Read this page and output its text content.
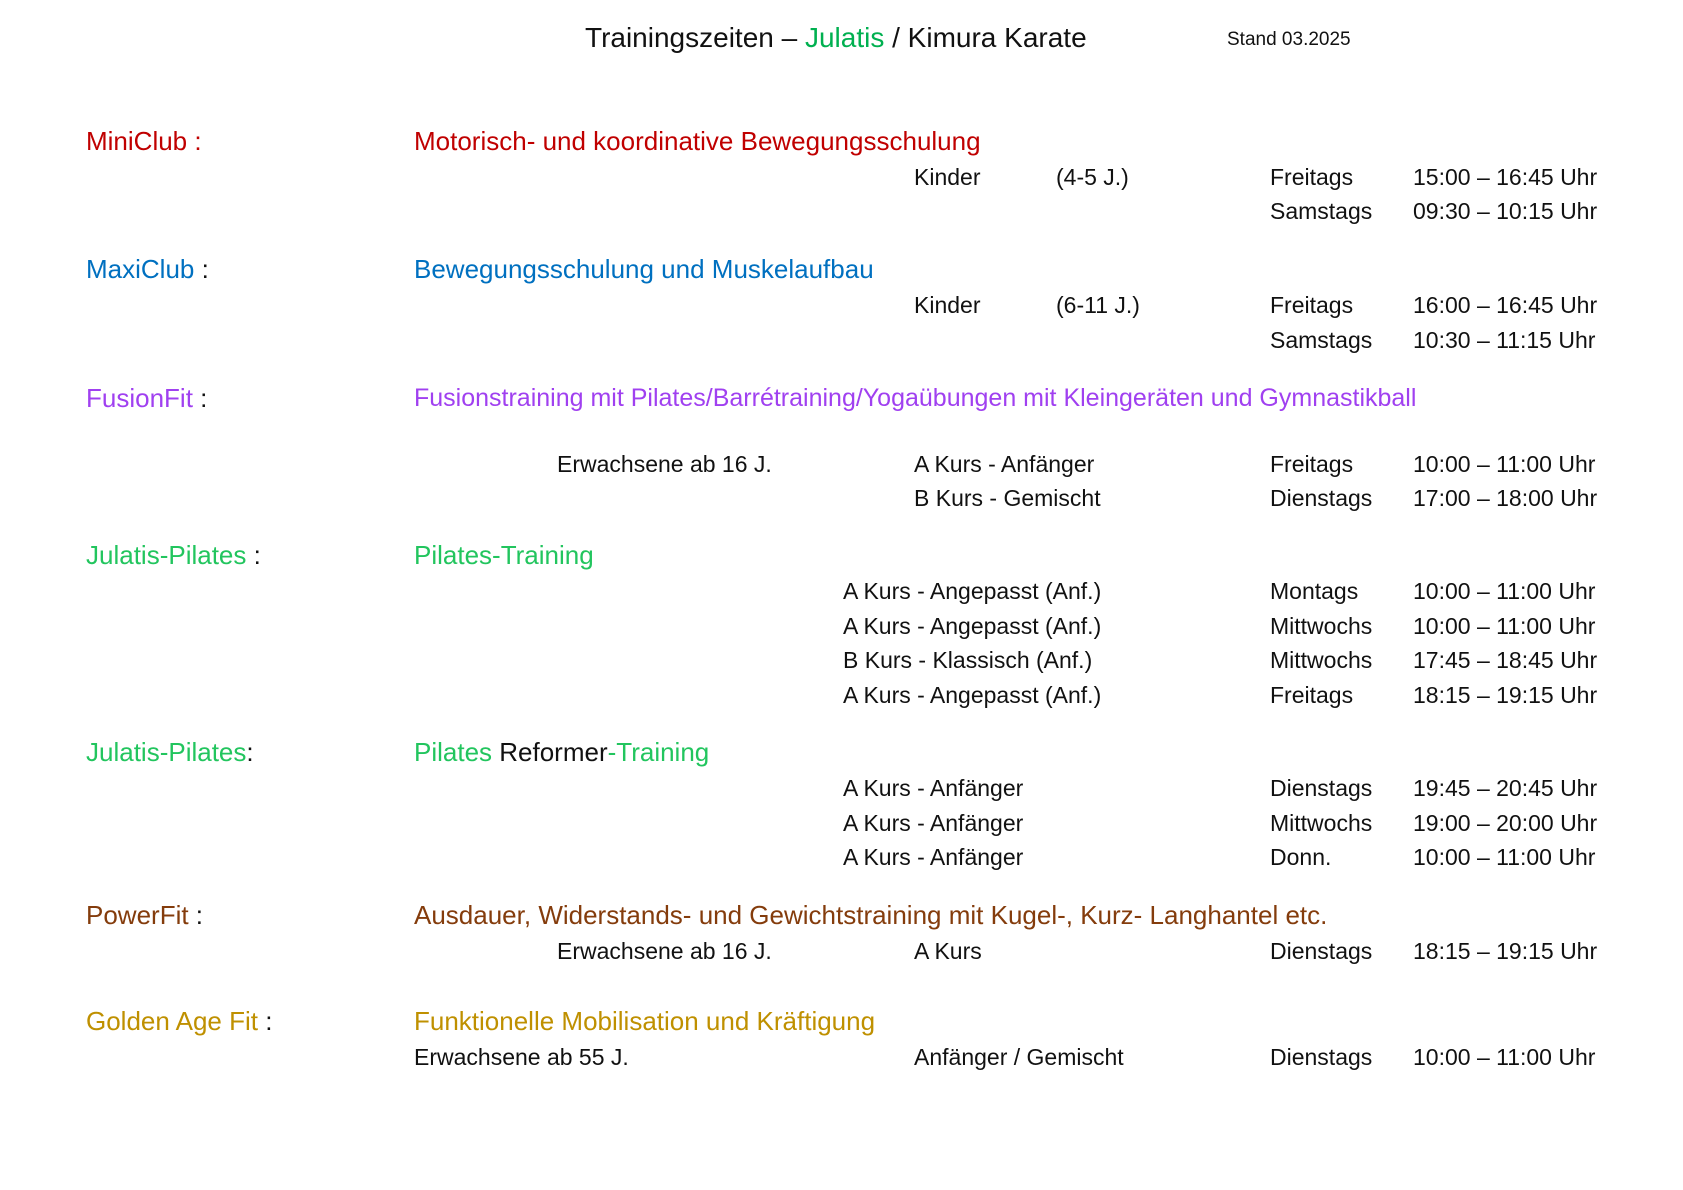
Trainingszeiten – Julatis / Kimura Karate	Stand 03.2025
MiniClub :	Motorisch- und koordinative Bewegungsschulung
Kinder	(4-5 J.)	Freitags	15:00 – 16:45 Uhr
Samstags 09:30 – 10:15 Uhr
MaxiClub :	Bewegungsschulung und Muskelaufbau
Kinder	(6-11 J.)	Freitags	16:00 – 16:45 Uhr
Samstags 10:30 – 11:15 Uhr
FusionFit :	Fusionstraining mit Pilates/Barrétraining/Yogaübungen mit Kleingeräten und Gymnastikball
Erwachsene ab 16 J.	A Kurs - Anfänger	Freitags	10:00 – 11:00 Uhr
B Kurs - Gemischt	Dienstags 17:00 – 18:00 Uhr
Julatis-Pilates :	Pilates-Training
A Kurs - Angepasst (Anf.)	Montags 10:00 – 11:00 Uhr
A Kurs - Angepasst (Anf.)	Mittwochs 10:00 – 11:00 Uhr
B Kurs - Klassisch (Anf.)	Mittwochs 17:45 – 18:45 Uhr
A Kurs - Angepasst (Anf.)	Freitags	18:15 – 19:15 Uhr
Julatis-Pilates:	Pilates Reformer-Training
A Kurs - Anfänger	Dienstags 19:45 – 20:45 Uhr
A Kurs - Anfänger	Mittwochs 19:00 – 20:00 Uhr
A Kurs - Anfänger	Donn.	10:00 – 11:00 Uhr
PowerFit :	Ausdauer, Widerstands- und Gewichtstraining mit Kugel-, Kurz- Langhantel etc.
Erwachsene ab 16 J.	A Kurs	Dienstags 18:15 – 19:15 Uhr
Golden Age Fit :	Funktionelle Mobilisation und Kräftigung
Erwachsene ab 55 J.	Anfänger / Gemischt	Dienstags 10:00 – 11:00 Uhr
